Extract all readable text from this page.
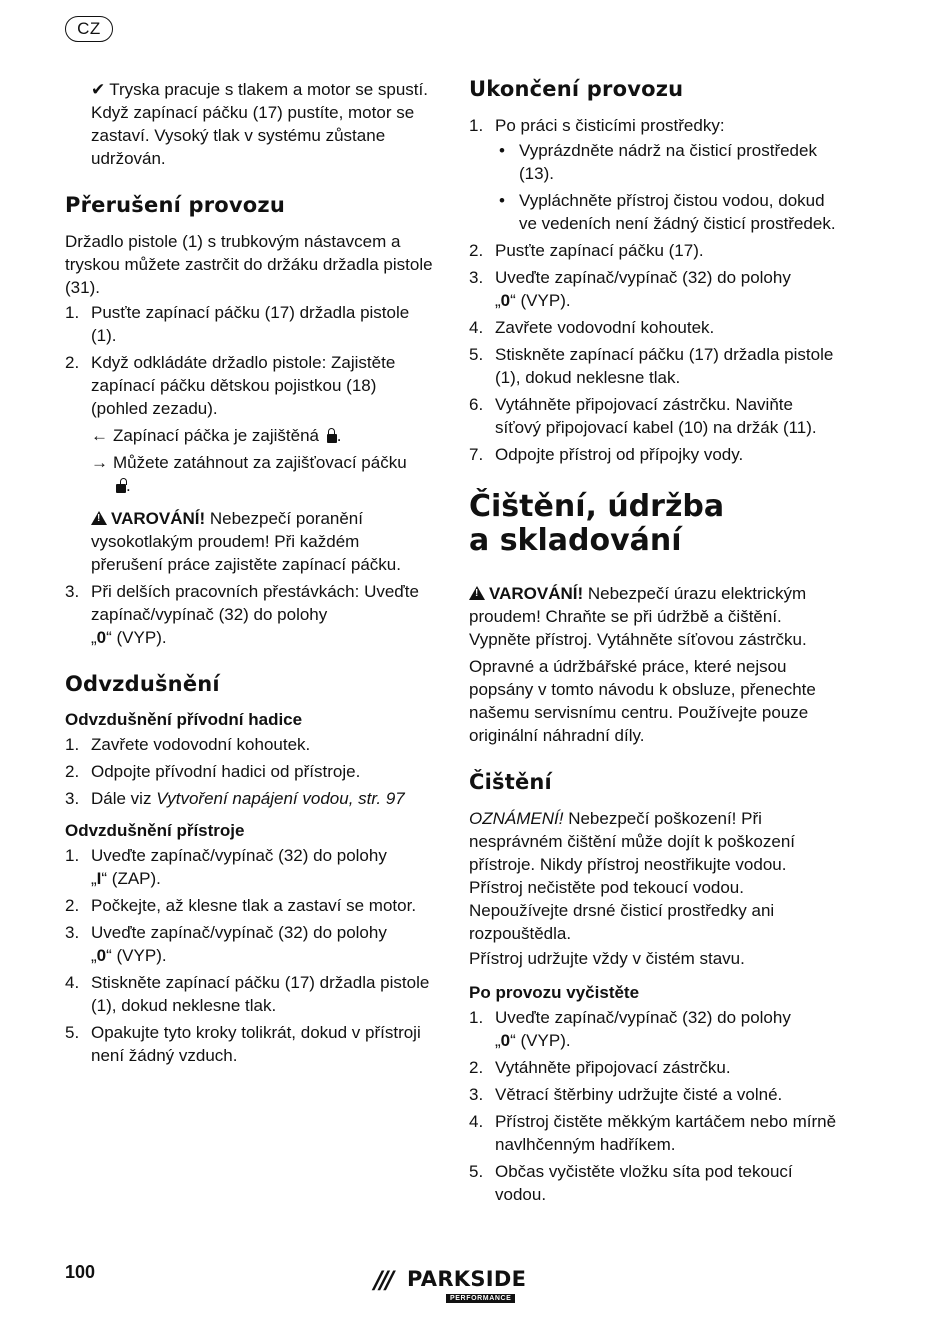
CZ
✔ Tryska pracuje s tlakem a motor se spustí. Když zapínací páčku (17) pustíte, motor se zastaví. Vysoký tlak v systému zůstane udržován.
Přerušení provozu
Držadlo pistole (1) s trubkovým nástavcem a tryskou můžete zastrčit do držáku držadla pistole (31).
1. Pusťte zapínací páčku (17) držadla pistole (1).
2. Když odkládáte držadlo pistole: Zajistěte zapínací páčku dětskou pojistkou (18) (pohled zezadu).
← Zapínací páčka je zajištěná .
→ Můžete zatáhnout za zajišťovací páčku
.
!VAROVÁNÍ! Nebezpečí poranění vysokotlakým proudem! Při každém přerušení práce zajistěte zapínací páčku.
3. Při delších pracovních přestávkách: Uveďte zapínač/vypínač (32) do polohy
„0“ (VYP).
Odvzdušnění
Odvzdušnění přívodní hadice
1. Zavřete vodovodní kohoutek.
2. Odpojte přívodní hadici od přístroje.
3. Dále viz Vytvoření napájení vodou, str. 97
Odvzdušnění přístroje
1. Uveďte zapínač/vypínač (32) do polohy
„I“ (ZAP).
2. Počkejte, až klesne tlak a zastaví se motor.
3. Uveďte zapínač/vypínač (32) do polohy
„0“ (VYP).
4. Stiskněte zapínací páčku (17) držadla pistole (1), dokud neklesne tlak.
5. Opakujte tyto kroky tolikrát, dokud v přístroji není žádný vzduch.
Ukončení provozu
1. Po práci s čisticími prostředky:
• Vyprázdněte nádrž na čisticí prostředek (13).
• Vypláchněte přístroj čistou vodou, dokud ve vedeních není žádný čisticí prostředek.
2. Pusťte zapínací páčku (17).
3. Uveďte zapínač/vypínač (32) do polohy
„0“ (VYP).
4. Zavřete vodovodní kohoutek.
5. Stiskněte zapínací páčku (17) držadla pistole (1), dokud neklesne tlak.
6. Vytáhněte připojovací zástrčku. Naviňte síťový připojovací kabel (10) na držák (11).
7. Odpojte přístroj od přípojky vody.
Čištění, údržba
a skladování
!VAROVÁNÍ! Nebezpečí úrazu elektrickým proudem! Chraňte se při údržbě a čištění. Vypněte přístroj. Vytáhněte síťovou zástrčku.
Opravné a údržbářské práce, které nejsou popsány v tomto návodu k obsluze, přenechte našemu servisnímu centru. Používejte pouze originální náhradní díly.
Čištění
OZNÁMENÍ! Nebezpečí poškození! Při nesprávném čištění může dojít k poškození přístroje. Nikdy přístroj neostřikujte vodou. Přístroj nečistěte pod tekoucí vodou. Nepoužívejte drsné čisticí prostředky ani rozpouštědla.
Přístroj udržujte vždy v čistém stavu.
Po provozu vyčistěte
1. Uveďte zapínač/vypínač (32) do polohy
„0“ (VYP).
2. Vytáhněte připojovací zástrčku.
3. Větrací štěrbiny udržujte čisté a volné.
4. Přístroj čistěte měkkým kartáčem nebo mírně navlhčenným hadříkem.
5. Občas vyčistěte vložku síta pod tekoucí vodou.
100	/// PARKSIDE
PERFORMANCE
